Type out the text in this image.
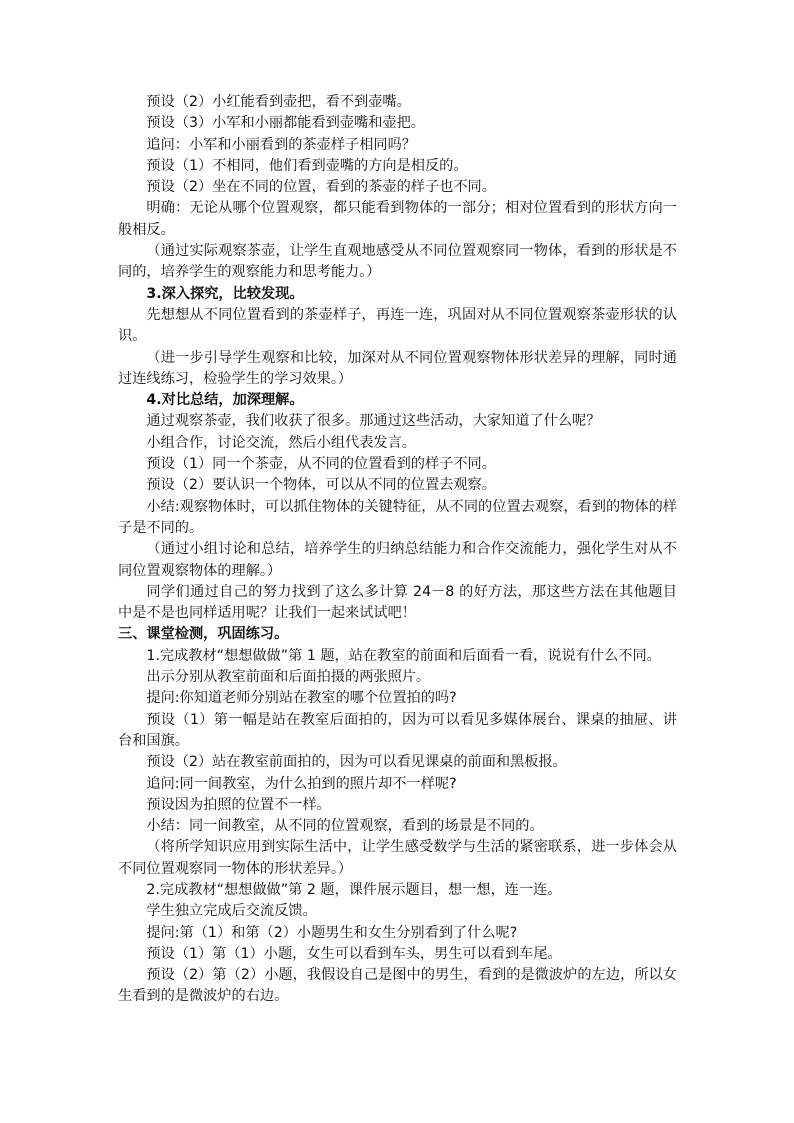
预设（2）小红能看到壶把，看不到壶嘴。

预设（3）小军和小丽都能看到壶嘴和壶把。

追问：小军和小丽看到的茶壶样子相同吗？

预设（1）不相同，他们看到壶嘴的方向是相反的。

预设（2）坐在不同的位置，看到的茶壶的样子也不同。

明确：无论从哪个位置观察，都只能看到物体的一部分；相对位置看到的形状方向一般相反。

（通过实际观察茶壶，让学生直观地感受从不同位置观察同一物体，看到的形状是不同的，培养学生的观察能力和思考能力。）

3.深入探究，比较发现。

先想想从不同位置看到的茶壶样子，再连一连，巩固对从不同位置观察茶壶形状的认识。

（进一步引导学生观察和比较，加深对从不同位置观察物体形状差异的理解，同时通过连线练习，检验学生的学习效果。）

4.对比总结，加深理解。

通过观察茶壶，我们收获了很多。那通过这些活动，大家知道了什么呢？

小组合作，讨论交流，然后小组代表发言。

预设（1）同一个茶壶，从不同的位置看到的样子不同。

预设（2）要认识一个物体，可以从不同的位置去观察。

小结:观察物体时，可以抓住物体的关键特征，从不同的位置去观察，看到的物体的样子是不同的。

（通过小组讨论和总结，培养学生的归纳总结能力和合作交流能力，强化学生对从不同位置观察物体的理解。）

同学们通过自己的努力找到了这么多计算 24－8 的好方法，那这些方法在其他题目中是不是也同样适用呢？让我们一起来试试吧！

三、课堂检测，巩固练习。

1.完成教材“想想做做”第 1 题，站在教室的前面和后面看一看，说说有什么不同。

出示分别从教室前面和后面拍摄的两张照片。

提问:你知道老师分别站在教室的哪个位置拍的吗?

预设（1）第一幅是站在教室后面拍的，因为可以看见多媒体展台、课桌的抽屉、讲台和国旗。

预设（2）站在教室前面拍的，因为可以看见课桌的前面和黑板报。

追问:同一间教室，为什么拍到的照片却不一样呢?

预设因为拍照的位置不一样。

小结：同一间教室，从不同的位置观察，看到的场景是不同的。

（将所学知识应用到实际生活中，让学生感受数学与生活的紧密联系，进一步体会从不同位置观察同一物体的形状差异。）

2.完成教材“想想做做”第 2 题，课件展示题目，想一想，连一连。

学生独立完成后交流反馈。

提问:第（1）和第（2）小题男生和女生分别看到了什么呢?

预设（1）第（1）小题，女生可以看到车头，男生可以看到车尾。

预设（2）第（2）小题，我假设自己是图中的男生，看到的是微波炉的左边，所以女生看到的是微波炉的右边。
